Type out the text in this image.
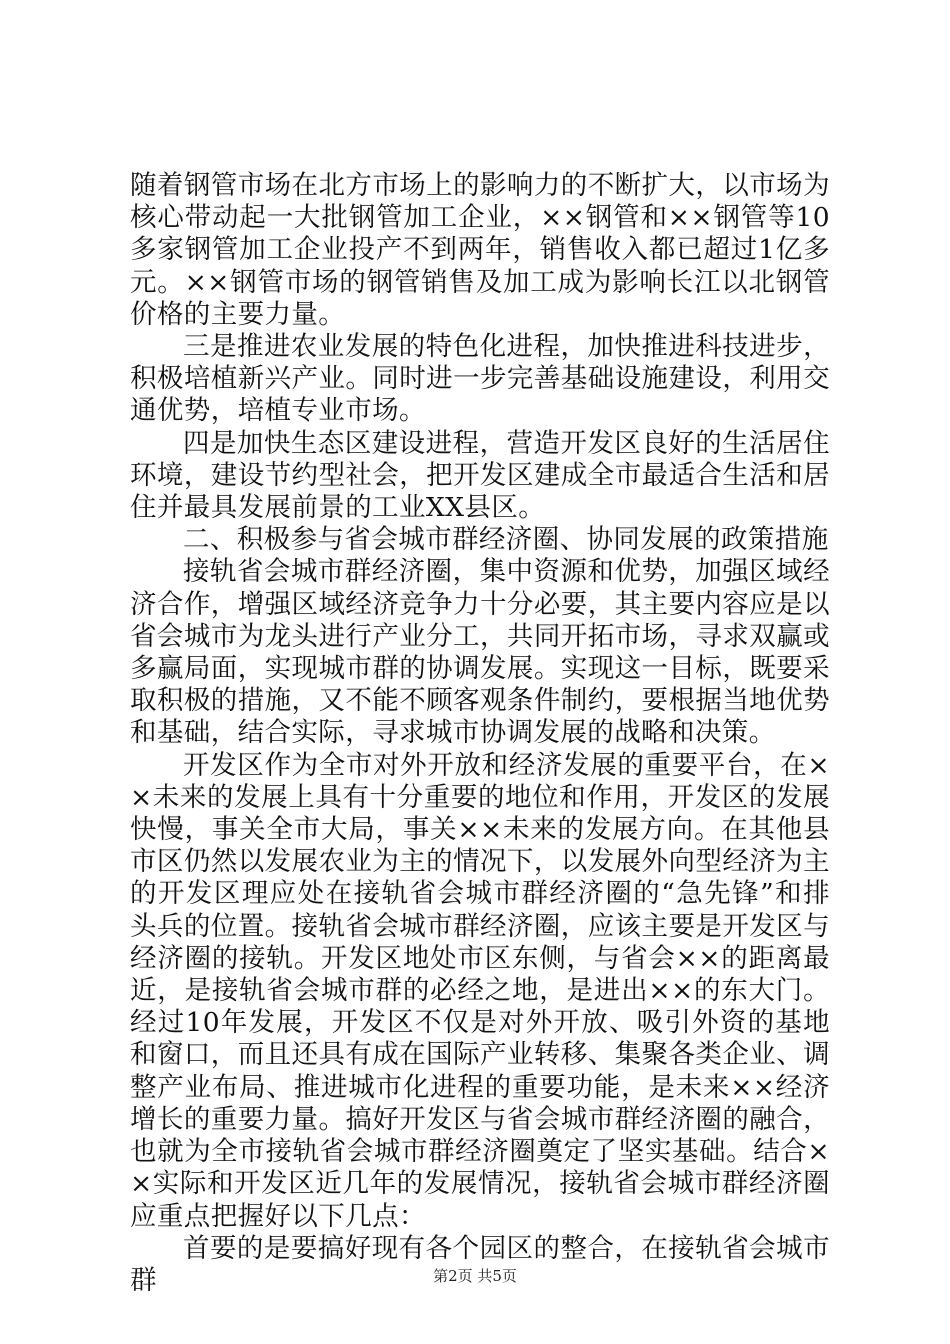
随着钢管市场在北方市场上的影响力的不断扩大，以市场为核心带动起一大批钢管加工企业，××钢管和××钢管等10多家钢管加工企业投产不到两年，销售收入都已超过1亿多元。××钢管市场的钢管销售及加工成为影响长江以北钢管价格的主要力量。

三是推进农业发展的特色化进程，加快推进科技进步，积极培植新兴产业。同时进一步完善基础设施建设，利用交通优势，培植专业市场。

四是加快生态区建设进程，营造开发区良好的生活居住环境，建设节约型社会，把开发区建成全市最适合生活和居住并最具发展前景的工业XX县区。

二、积极参与省会城市群经济圈、协同发展的政策措施

接轨省会城市群经济圈，集中资源和优势，加强区域经济合作，增强区域经济竞争力十分必要，其主要内容应是以省会城市为龙头进行产业分工，共同开拓市场，寻求双赢或多赢局面，实现城市群的协调发展。实现这一目标，既要采取积极的措施，又不能不顾客观条件制约，要根据当地优势和基础，结合实际，寻求城市协调发展的战略和决策。

开发区作为全市对外开放和经济发展的重要平台，在××未来的发展上具有十分重要的地位和作用，开发区的发展快慢，事关全市大局，事关××未来的发展方向。在其他县市区仍然以发展农业为主的情况下，以发展外向型经济为主的开发区理应处在接轨省会城市群经济圈的“急先锋”和排头兵的位置。接轨省会城市群经济圈，应该主要是开发区与经济圈的接轨。开发区地处市区东侧，与省会××的距离最近，是接轨省会城市群的必经之地，是进出××的东大门。经过10年发展，开发区不仅是对外开放、吸引外资的基地和窗口，而且还具有成在国际产业转移、集聚各类企业、调整产业布局、推进城市化进程的重要功能，是未来××经济增长的重要力量。搞好开发区与省会城市群经济圈的融合，也就为全市接轨省会城市群经济圈奠定了坚实基础。结合××实际和开发区近几年的发展情况，接轨省会城市群经济圈应重点把握好以下几点：

首要的是要搞好现有各个园区的整合，在接轨省会城市群	第2页 共5页
